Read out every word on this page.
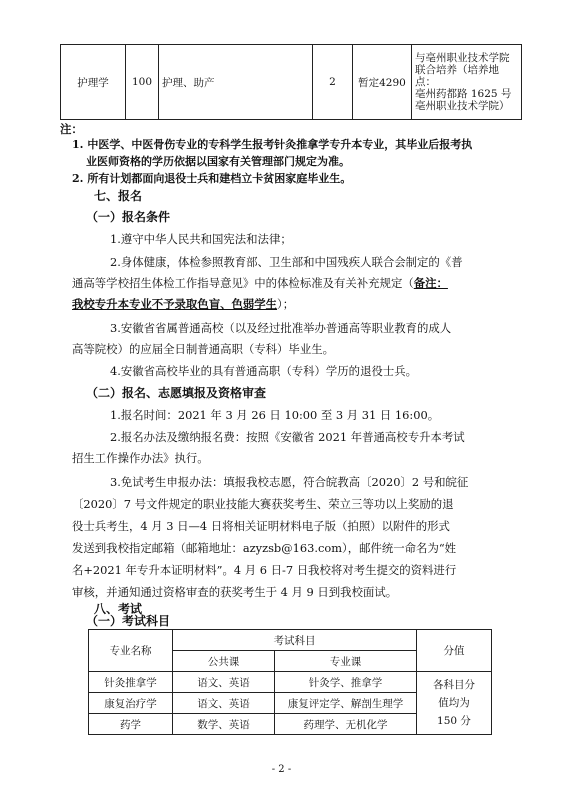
护理学	100	护理、助产	2	暂定4290	
与亳州职业技术学院
联合培养（培养地点：
亳州药都路 1625 号
亳州职业技术学院）
注：
1. 中医学、中医骨伤专业的专科学生报考针灸推拿学专升本专业，其毕业后报考执
业医师资格的学历依据以国家有关管理部门规定为准。
2. 所有计划都面向退役士兵和建档立卡贫困家庭毕业生。
七、报名
（一）报名条件
1.遵守中华人民共和国宪法和法律；
2.身体健康，体检参照教育部、卫生部和中国残疾人联合会制定的《普
通高等学校招生体检工作指导意见》中的体检标准及有关补充规定（备注：
我校专升本专业不予录取色盲、色弱学生）；
3.安徽省省属普通高校（以及经过批准举办普通高等职业教育的成人
高等院校）的应届全日制普通高职（专科）毕业生。
4.安徽省高校毕业的具有普通高职（专科）学历的退役士兵。
（二）报名、志愿填报及资格审查
1.报名时间：2021 年 3 月 26 日 10:00 至 3 月 31 日 16:00。
2.报名办法及缴纳报名费：按照《安徽省 2021 年普通高校专升本考试
招生工作操作办法》执行。
3.免试考生申报办法：填报我校志愿，符合皖教高〔2020〕2 号和皖征
〔2020〕7 号文件规定的职业技能大赛获奖考生、荣立三等功以上奖励的退
役士兵考生，4 月 3 日—4 日将相关证明材料电子版（拍照）以附件的形式
发送到我校指定邮箱（邮箱地址：azyzsb@163.com），邮件统一命名为“姓
名+2021 年专升本证明材料”。4 月 6 日-7 日我校将对考生提交的资料进行
审核，并通知通过资格审查的获奖考生于 4 月 9 日到我校面试。
八、考试
（一）考试科目
专业名称	考试科目		分值
	公共课	专业课	
针灸推拿学	语文、英语	针灸学、推拿学	各科目分
值均为
150 分

康复治疗学	语文、英语	康复评定学、解剖生理学	
药学	数学、英语	药理学、无机化学	
- 2 -
